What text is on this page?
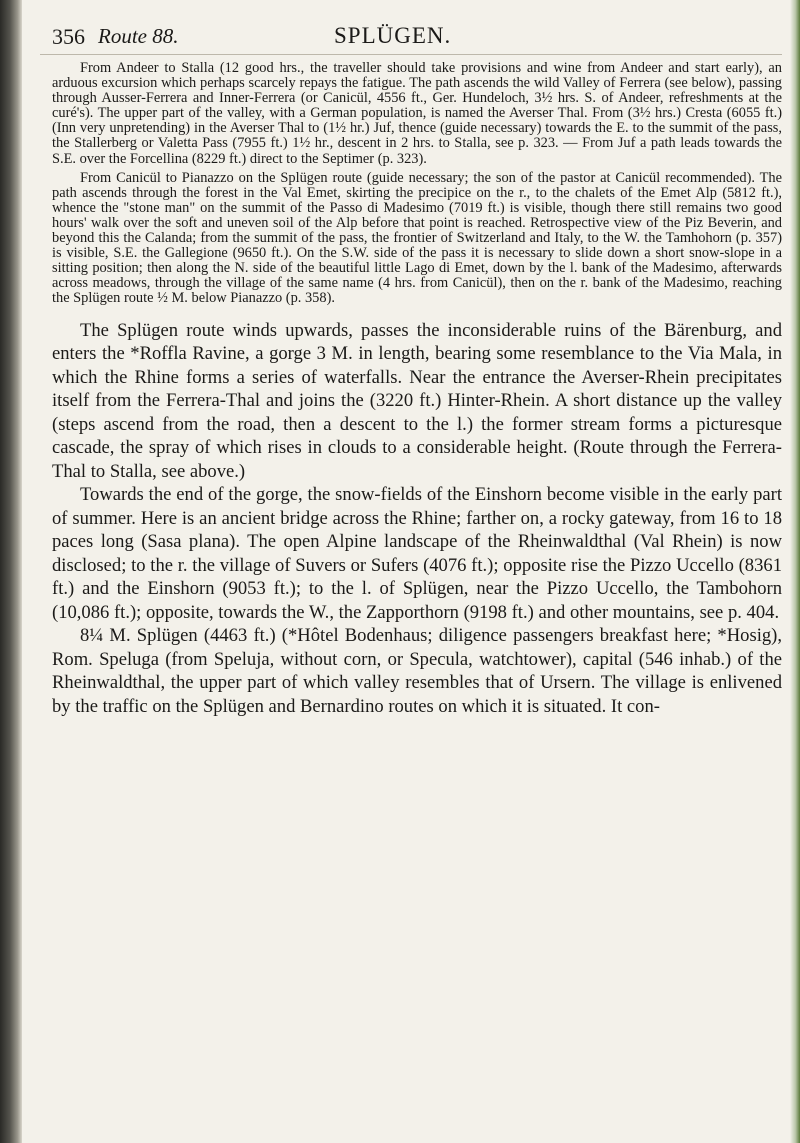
356 Route 88.	SPLÜGEN.

From Andeer to Stalla (12 good hrs., the traveller should take provisions and wine from Andeer and start early), an arduous excursion which perhaps scarcely repays the fatigue. The path ascends the wild Valley of Ferrera (see below), passing through Ausser-Ferrera and Inner-Ferrera (or Canicül, 4556 ft., Ger. Hundeloch, 3½ hrs. S. of Andeer, refreshments at the curé's). The upper part of the valley, with a German population, is named the Averser Thal. From (3½ hrs.) Cresta (6055 ft.) (Inn very unpretending) in the Averser Thal to (1½ hr.) Juf, thence (guide necessary) towards the E. to the summit of the pass, the Stallerberg or Valetta Pass (7955 ft.) 1½ hr., descent in 2 hrs. to Stalla, see p. 323. — From Juf a path leads towards the S.E. over the Forcellina (8229 ft.) direct to the Septimer (p. 323).

From Canicül to Pianazzo on the Splügen route (guide necessary; the son of the pastor at Canicül recommended). The path ascends through the forest in the Val Emet, skirting the precipice on the r., to the chalets of the Emet Alp (5812 ft.), whence the "stone man" on the summit of the Passo di Madesimo (7019 ft.) is visible, though there still remains two good hours' walk over the soft and uneven soil of the Alp before that point is reached. Retrospective view of the Piz Beverin, and beyond this the Calanda; from the summit of the pass, the frontier of Switzerland and Italy, to the W. the Tamhohorn (p. 357) is visible, S.E. the Gallegione (9650 ft.). On the S.W. side of the pass it is necessary to slide down a short snow-slope in a sitting position; then along the N. side of the beautiful little Lago di Emet, down by the l. bank of the Madesimo, afterwards across meadows, through the village of the same name (4 hrs. from Canicül), then on the r. bank of the Madesimo, reaching the Splügen route ½ M. below Pianazzo (p. 358).

The Splügen route winds upwards, passes the inconsiderable ruins of the Bärenburg, and enters the *Roffla Ravine, a gorge 3 M. in length, bearing some resemblance to the Via Mala, in which the Rhine forms a series of waterfalls. Near the entrance the Averser-Rhein precipitates itself from the Ferrera-Thal and joins the (3220 ft.) Hinter-Rhein. A short distance up the valley (steps ascend from the road, then a descent to the l.) the former stream forms a picturesque cascade, the spray of which rises in clouds to a considerable height. (Route through the Ferrera-Thal to Stalla, see above.)

Towards the end of the gorge, the snow-fields of the Einshorn become visible in the early part of summer. Here is an ancient bridge across the Rhine; farther on, a rocky gateway, from 16 to 18 paces long (Sasa plana). The open Alpine landscape of the Rheinwaldthal (Val Rhein) is now disclosed; to the r. the village of Suvers or Sufers (4076 ft.); opposite rise the Pizzo Uccello (8361 ft.) and the Einshorn (9053 ft.); to the l. of Splügen, near the Pizzo Uccello, the Tambohorn (10,086 ft.); opposite, towards the W., the Zapporthorn (9198 ft.) and other mountains, see p. 404.

8¼ M. Splügen (4463 ft.) (*Hôtel Bodenhaus; diligence passengers breakfast here; *Hosig), Rom. Spelugа (from Speluja, without corn, or Specula, watchtower), capital (546 inhab.) of the Rheinwaldthal, the upper part of which valley resembles that of Ursern. The village is enlivened by the traffic on the Splügen and Bernardino routes on which it is situated. It con-
